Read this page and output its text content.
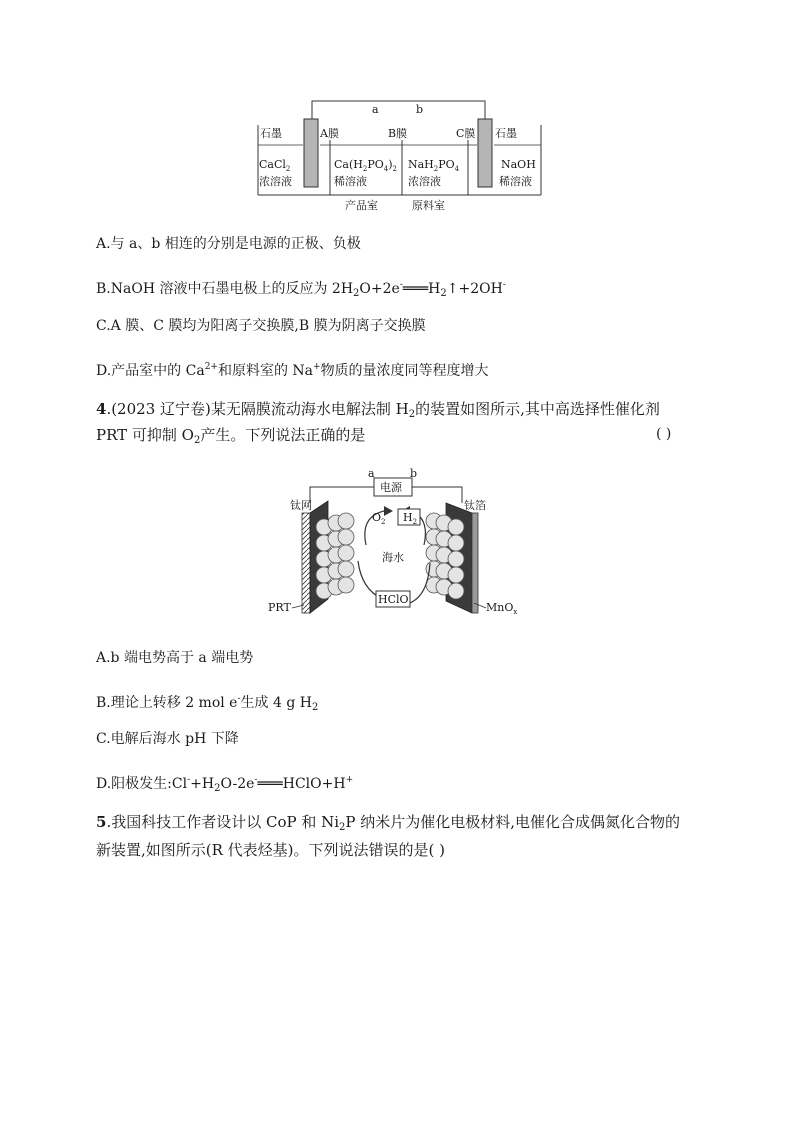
a	b
石墨	A膜	B膜	C膜 石墨
CaCl$_2$
浓溶液
$Ca(H_2PO_4)_2$
稀溶液
$NaH_2PO_4$
浓溶液
NaOH
稀溶液
产品室	原料室
A.与 a、b 相连的分别是电源的正极、负极
B.NaOH 溶液中石墨电极上的反应为 $2H_2O+2e^-═══H_2↑+2OH^-$
C.A 膜、C 膜均为阳离子交换膜,B 膜为阴离子交换膜
D.产品室中的 $Ca^{2+}$和原料室的 Na+物质的量浓度同等程度增大
4.(2023 辽宁卷)某无隔膜流动海水电解法制 $H_2$的装置如图所示,其中高选择性催化剂
PRT 可抑制 $O_2$产生。下列说法正确的是	( )
电源
a	b
钛网	钛箔
$O_2$ $H_2$
海水
HClO
PRT	MnO$_x$
A.b 端电势高于 a 端电势
B.理论上转移 2 mol e-生成 4 g $H_2$
C.电解后海水 pH 下降
D.阳极发生$:Cl^-+H_2O-2e^-═══HClO+H^+$
5.我国科技工作者设计以 CoP 和 $Ni_2P$ 纳米片为催化电极材料,电催化合成偶氮化合物的
新装置,如图所示(R 代表烃基)。下列说法错误的是( )
